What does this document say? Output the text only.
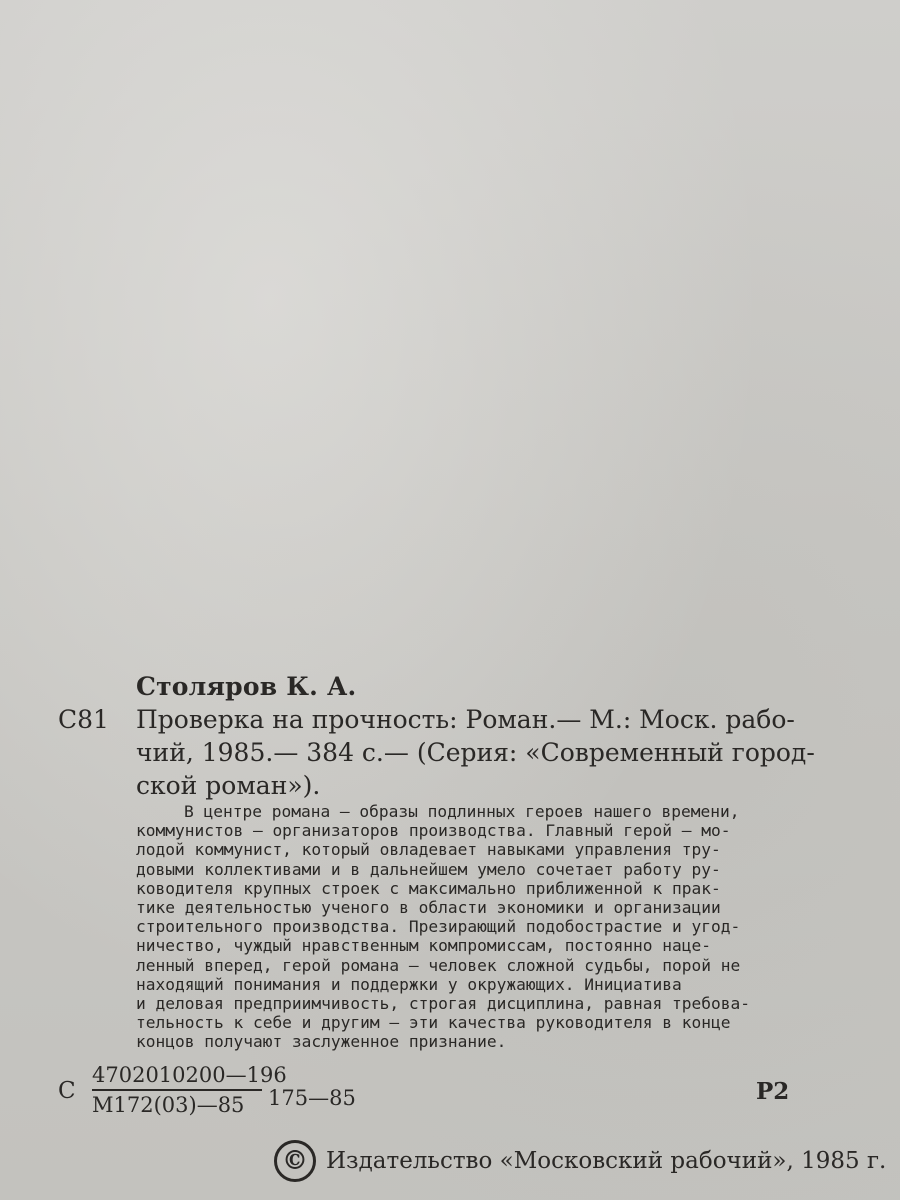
Столяров К. А.
С81 Проверка на прочность: Роман.— М.: Моск. рабо-
чий, 1985.— 384 с.— (Серия: «Современный город-
ской роман»).
В центре романа — образы подлинных героев нашего времени,
коммунистов — организаторов производства. Главный герой — мо-
лодой коммунист, который овладевает навыками управления тру-
довыми коллективами и в дальнейшем умело сочетает работу ру-
ководителя крупных строек с максимально приближенной к прак-
тике деятельностью ученого в области экономики и организации
строительного производства. Презирающий подобострастие и угод-
ничество, чуждый нравственным компромиссам, постоянно наце-
ленный вперед, герой романа — человек сложной судьбы, порой не
находящий понимания и поддержки у окружающих. Инициатива
и деловая предприимчивость, строгая дисциплина, равная требова-
тельность к себе и другим — эти качества руководителя в конце
концов получают заслуженное признание.
С
4702010200—196
М172(03)—85	175—85	Р2
© Издательство «Московский рабочий», 1985 г.
